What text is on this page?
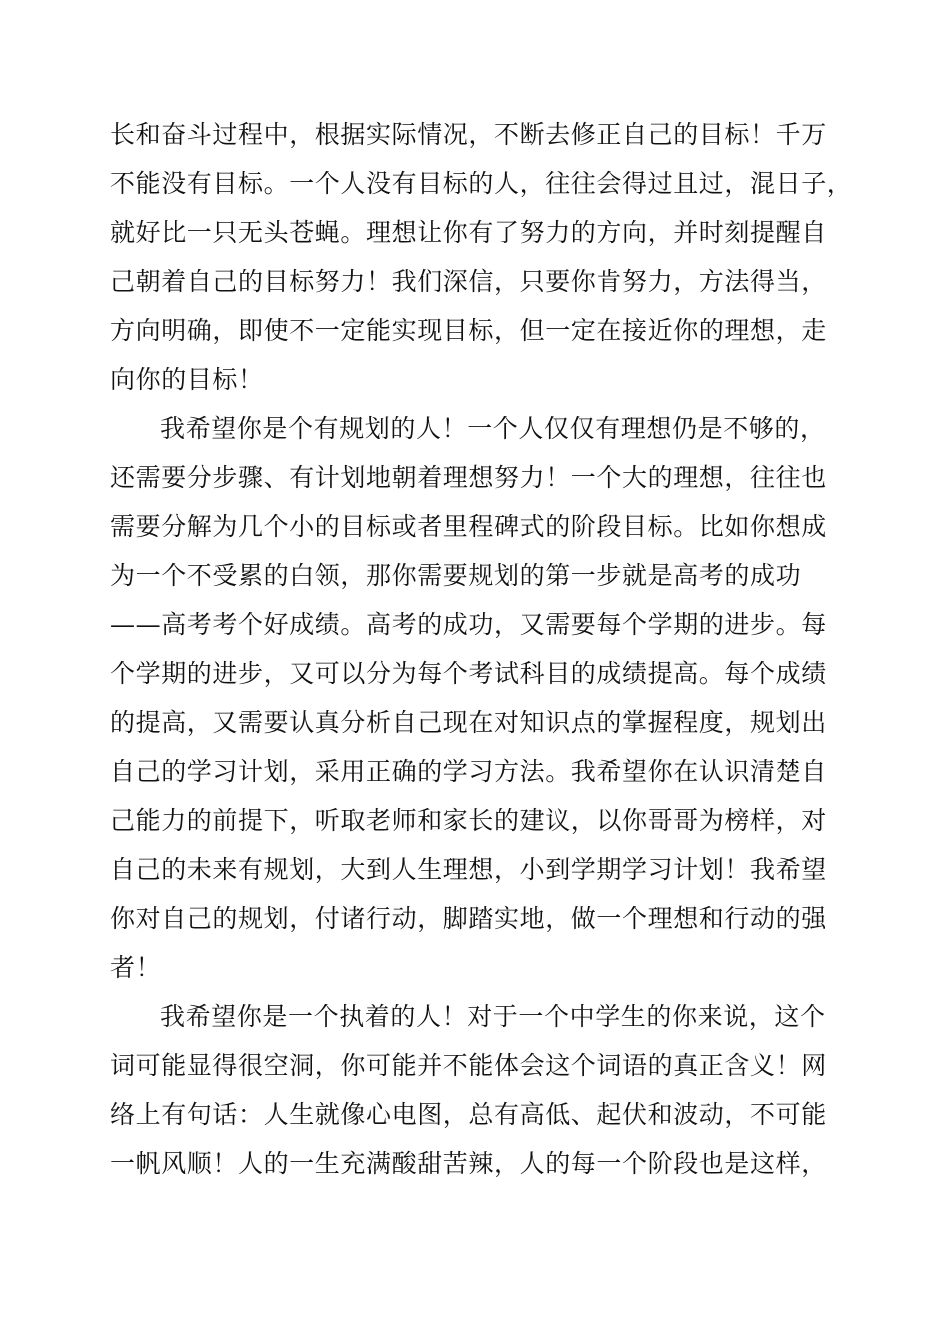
长和奋斗过程中，根据实际情况，不断去修正自己的目标！千万
不能没有目标。一个人没有目标的人，往往会得过且过，混日子，
就好比一只无头苍蝇。理想让你有了努力的方向，并时刻提醒自
己朝着自己的目标努力！我们深信，只要你肯努力，方法得当，
方向明确，即使不一定能实现目标，但一定在接近你的理想，走
向你的目标！
我希望你是个有规划的人！一个人仅仅有理想仍是不够的，
还需要分步骤、有计划地朝着理想努力！一个大的理想，往往也
需要分解为几个小的目标或者里程碑式的阶段目标。比如你想成
为一个不受累的白领，那你需要规划的第一步就是高考的成功
——高考考个好成绩。高考的成功，又需要每个学期的进步。每
个学期的进步，又可以分为每个考试科目的成绩提高。每个成绩
的提高，又需要认真分析自己现在对知识点的掌握程度，规划出
自己的学习计划，采用正确的学习方法。我希望你在认识清楚自
己能力的前提下，听取老师和家长的建议，以你哥哥为榜样，对
自己的未来有规划，大到人生理想，小到学期学习计划！我希望
你对自己的规划，付诸行动，脚踏实地，做一个理想和行动的强
者！
我希望你是一个执着的人！对于一个中学生的你来说，这个
词可能显得很空洞，你可能并不能体会这个词语的真正含义！网
络上有句话：人生就像心电图，总有高低、起伏和波动，不可能
一帆风顺！人的一生充满酸甜苦辣，人的每一个阶段也是这样，
